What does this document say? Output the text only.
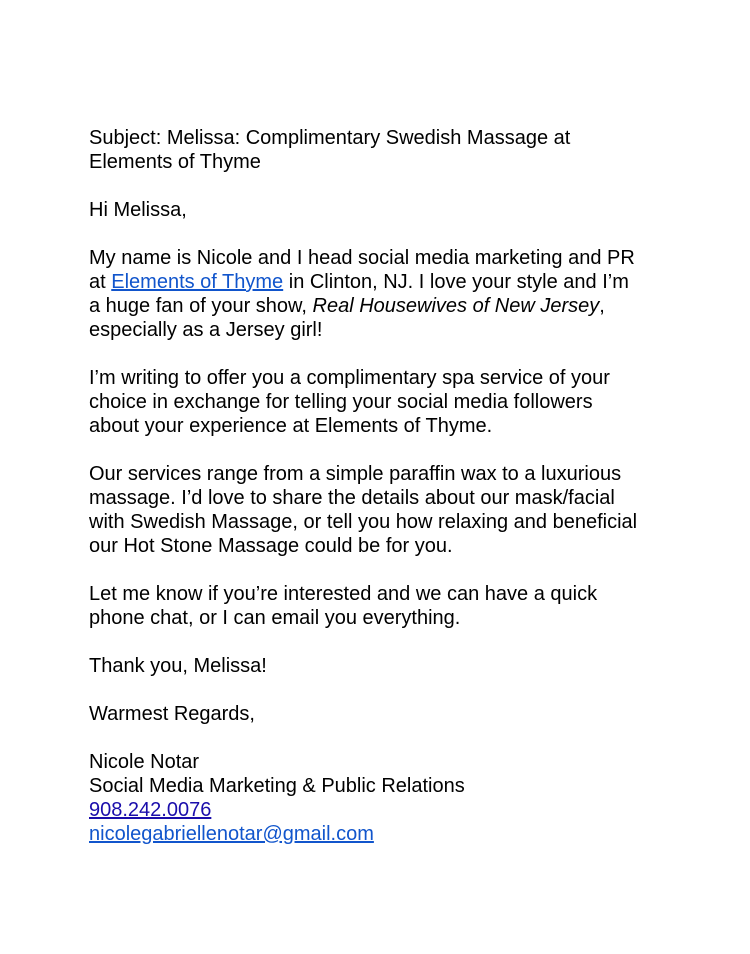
Subject: Melissa: Complimentary Swedish Massage at
Elements of Thyme
Hi Melissa,
My name is Nicole and I head social media marketing and PR
at Elements of Thyme in Clinton, NJ. I love your style and I’m
a huge fan of your show, Real Housewives of New Jersey,
especially as a Jersey girl!
I’m writing to offer you a complimentary spa service of your
choice in exchange for telling your social media followers
about your experience at Elements of Thyme.
Our services range from a simple paraffin wax to a luxurious
massage. I’d love to share the details about our mask/facial
with Swedish Massage, or tell you how relaxing and beneficial
our Hot Stone Massage could be for you.
Let me know if you’re interested and we can have a quick
phone chat, or I can email you everything.
Thank you, Melissa!
Warmest Regards,
Nicole Notar
Social Media Marketing & Public Relations
908.242.0076
nicolegabriellenotar@gmail.com
